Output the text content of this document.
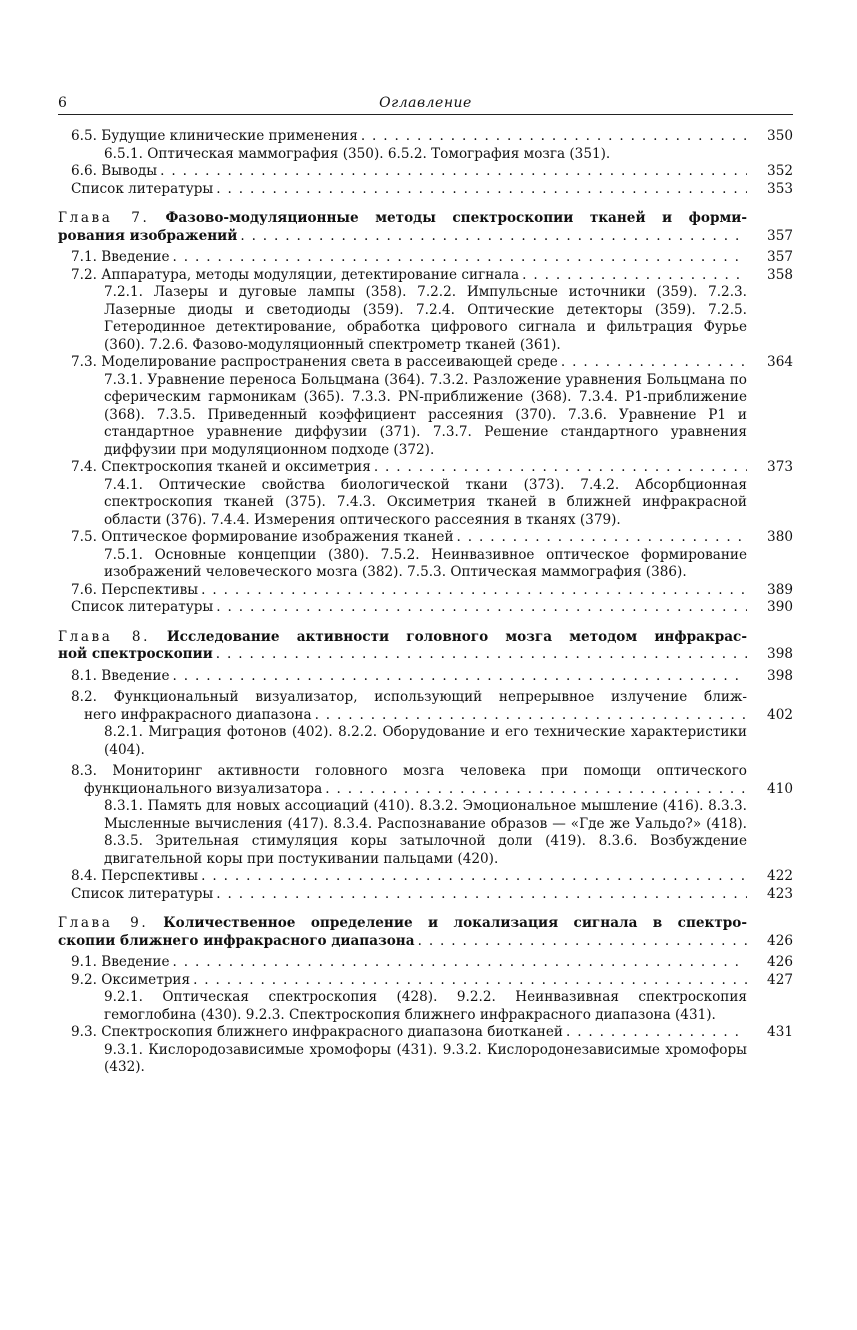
6	Оглавление
6.5. Будущие клинические применения . . .	350
6.5.1. Оптическая маммография (350). 6.5.2. Томография мозга (351).
6.6. Выводы . . .	352
Список литературы . . .	353
Глава 7. Фазово-модуляционные методы спектроскопии тканей и форми-
рования изображений . . .	357
7.1. Введение . . .	357
7.2. Аппаратура, методы модуляции, детектирование сигнала . . .	358
7.2.1. Лазеры и дуговые лампы (358). 7.2.2. Импульсные источники (359). 7.2.3. Лазерные диоды и светодиоды (359). 7.2.4. Оптические детекторы (359). 7.2.5. Гетеродинное детектирование, обработка цифрового сигнала и фильтрация Фурье (360). 7.2.6. Фазово-модуляционный спектрометр тканей (361).
7.3. Моделирование распространения света в рассеивающей среде . . .	364
7.3.1. Уравнение переноса Больцмана (364). 7.3.2. Разложение уравнения Больцмана по сферическим гармоникам (365). 7.3.3. PN-приближение (368). 7.3.4. P1-приближение (368). 7.3.5. Приведенный коэффициент рассеяния (370). 7.3.6. Уравнение P1 и стандартное уравнение диффузии (371). 7.3.7. Решение стандартного уравнения диффузии при модуляционном подходе (372).
7.4. Спектроскопия тканей и оксиметрия . . .	373
7.4.1. Оптические свойства биологической ткани (373). 7.4.2. Абсорбционная спектроскопия тканей (375). 7.4.3. Оксиметрия тканей в ближней инфракрасной области (376). 7.4.4. Измерения оптического рассеяния в тканях (379).
7.5. Оптическое формирование изображения тканей . . .	380
7.5.1. Основные концепции (380). 7.5.2. Неинвазивное оптическое формирование изображений человеческого мозга (382). 7.5.3. Оптическая маммография (386).
7.6. Перспективы . . .	389
Список литературы . . .	390
Глава 8. Исследование активности головного мозга методом инфракрас-
ной спектроскопии . . .	398
8.1. Введение . . .	398
8.2. Функциональный визуализатор, использующий непрерывное излучение ближ-
него инфракрасного диапазона . . .	402
8.2.1. Миграция фотонов (402). 8.2.2. Оборудование и его технические характеристики (404).
8.3. Мониторинг активности головного мозга человека при помощи оптического
функционального визуализатора . . .	410
8.3.1. Память для новых ассоциаций (410). 8.3.2. Эмоциональное мышление (416). 8.3.3. Мысленные вычисления (417). 8.3.4. Распознавание образов — «Где же Уальдо?» (418). 8.3.5. Зрительная стимуляция коры затылочной доли (419). 8.3.6. Возбуждение двигательной коры при постукивании пальцами (420).
8.4. Перспективы . . .	422
Список литературы . . .	423
Глава 9. Количественное определение и локализация сигнала в спектро-
скопии ближнего инфракрасного диапазона . . .	426
9.1. Введение . . .	426
9.2. Оксиметрия . . .	427
9.2.1. Оптическая спектроскопия (428). 9.2.2. Неинвазивная спектроскопия гемоглобина (430). 9.2.3. Спектроскопия ближнего инфракрасного диапазона (431).
9.3. Спектроскопия ближнего инфракрасного диапазона биотканей . . .	431
9.3.1. Кислородозависимые хромофоры (431). 9.3.2. Кислородонезависимые хромофоры (432).
